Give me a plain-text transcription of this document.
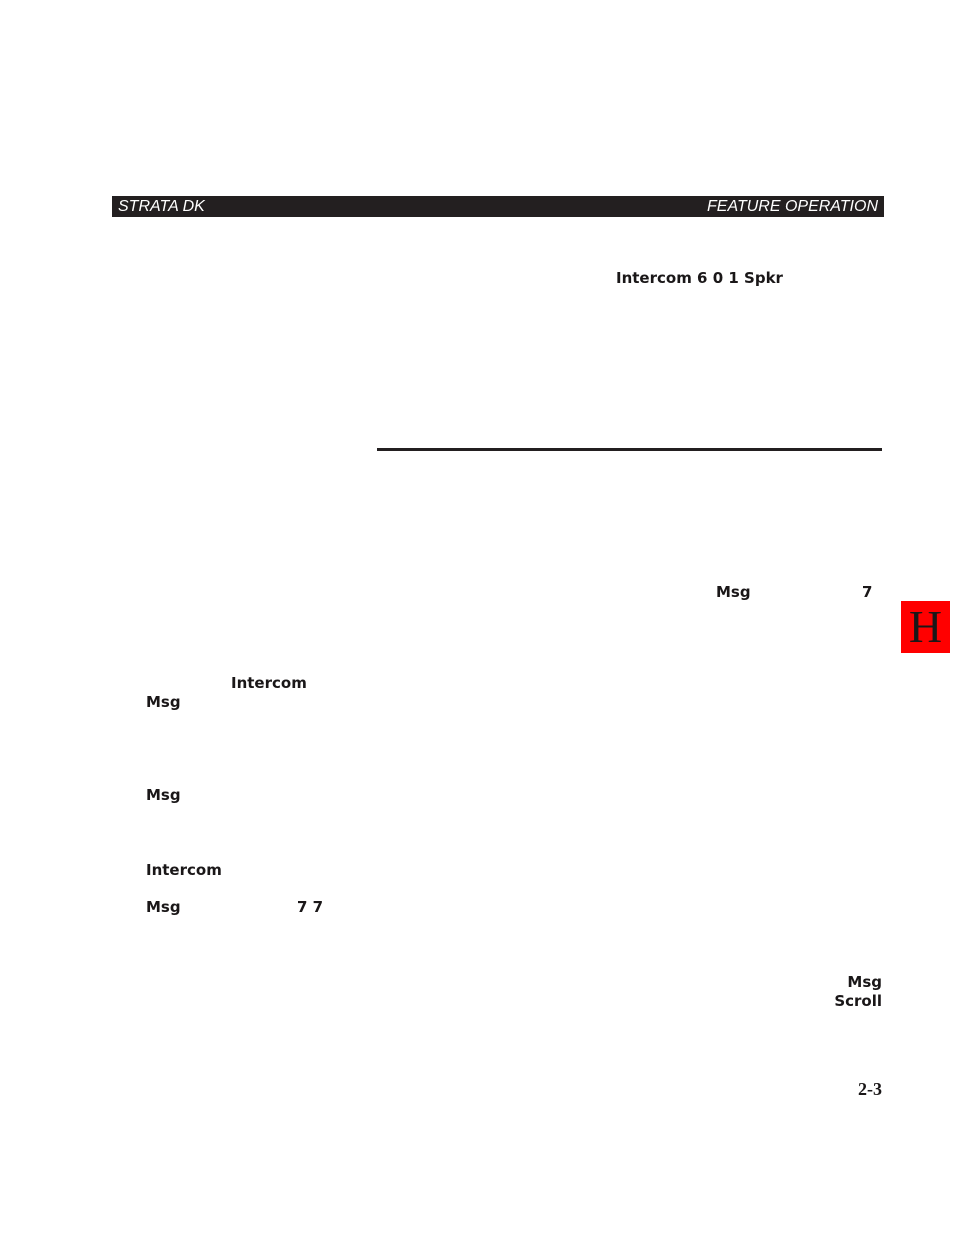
STRATA DK	FEATURE OPERATION
Intercom 6 0 1 Spkr
Msg	7
H
Intercom
Msg
Msg
Intercom
Msg	7 7
Msg
Scroll
2-3
